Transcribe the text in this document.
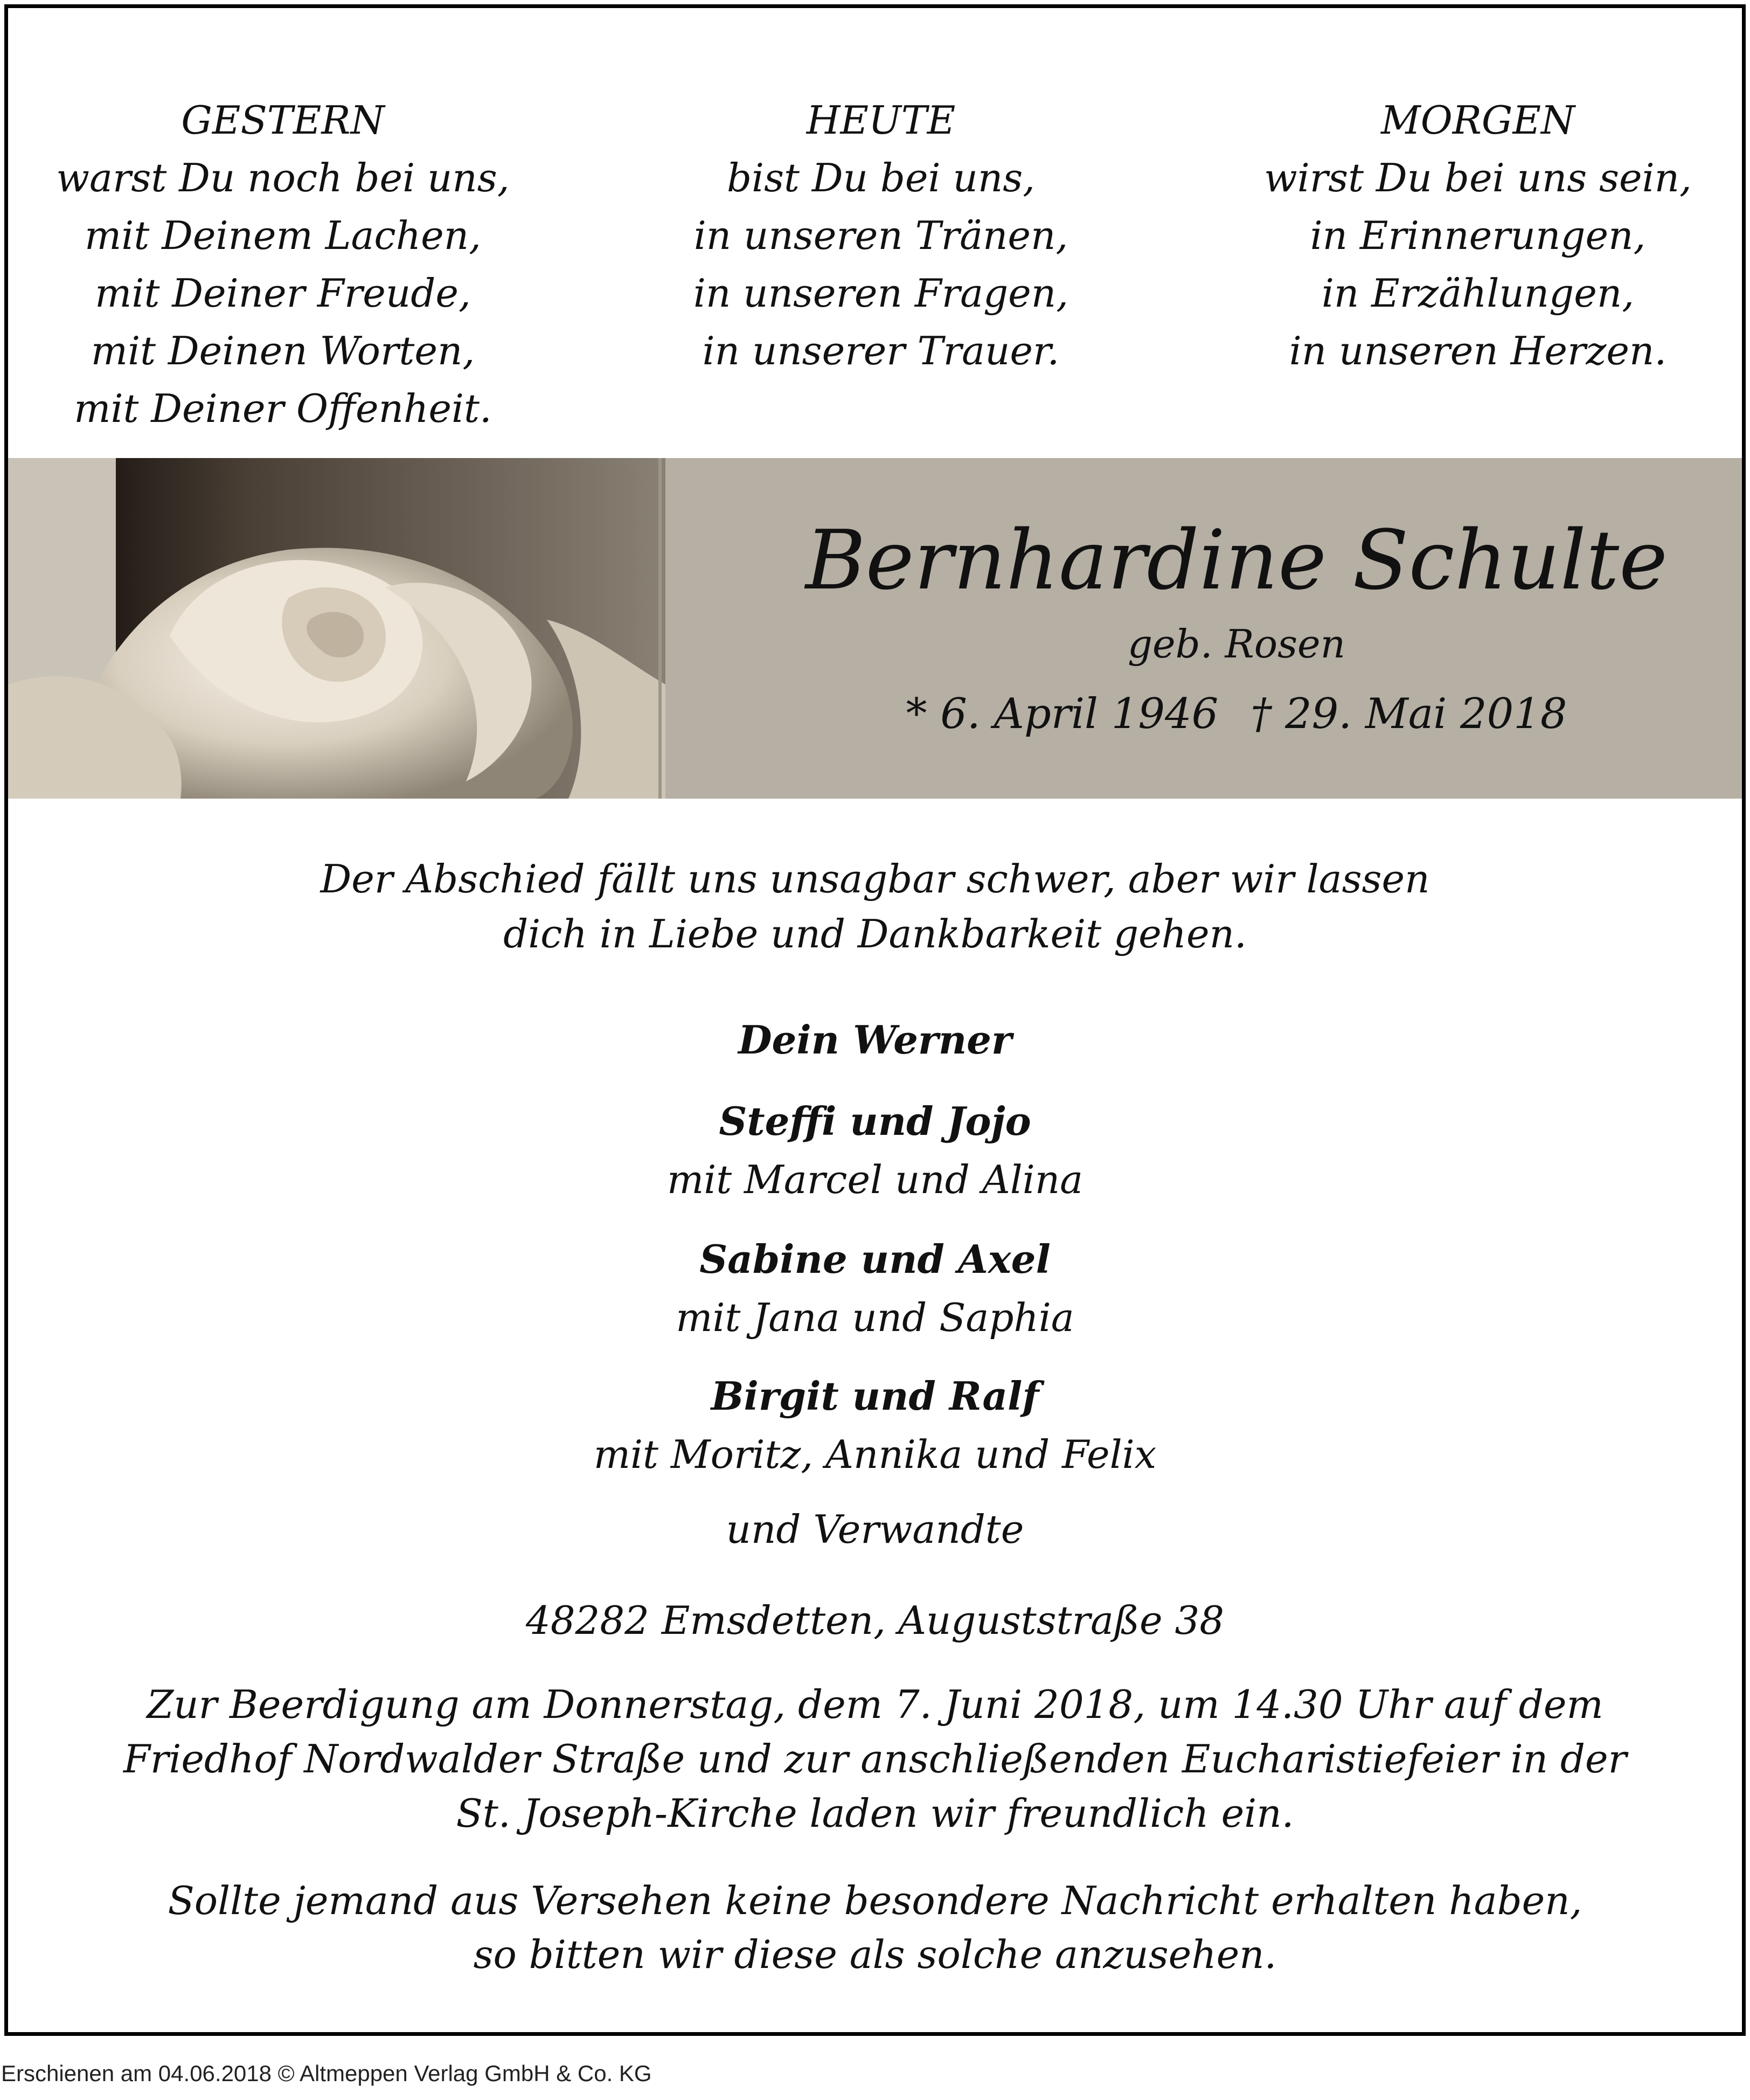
GESTERN
warst Du noch bei uns,
mit Deinem Lachen,
mit Deiner Freude,
mit Deinen Worten,
mit Deiner Offenheit.
HEUTE
bist Du bei uns,
in unseren Tränen,
in unseren Fragen,
in unserer Trauer.
MORGEN
wirst Du bei uns sein,
in Erinnerungen,
in Erzählungen,
in unseren Herzen.
Bernhardine Schulte
geb. Rosen
* 6. April 1946 † 29. Mai 2018
Der Abschied fällt uns unsagbar schwer, aber wir lassen
dich in Liebe und Dankbarkeit gehen.
Dein Werner
Steffi und Jojo
mit Marcel und Alina
Sabine und Axel
mit Jana und Saphia
Birgit und Ralf
mit Moritz, Annika und Felix
und Verwandte
48282 Emsdetten, Auguststraße 38
Zur Beerdigung am Donnerstag, dem 7. Juni 2018, um 14.30 Uhr auf dem
Friedhof Nordwalder Straße und zur anschließenden Eucharistiefeier in der
St. Joseph-Kirche laden wir freundlich ein.
Sollte jemand aus Versehen keine besondere Nachricht erhalten haben,
so bitten wir diese als solche anzusehen.
Erschienen am 04.06.2018 © Altmeppen Verlag GmbH & Co. KG
